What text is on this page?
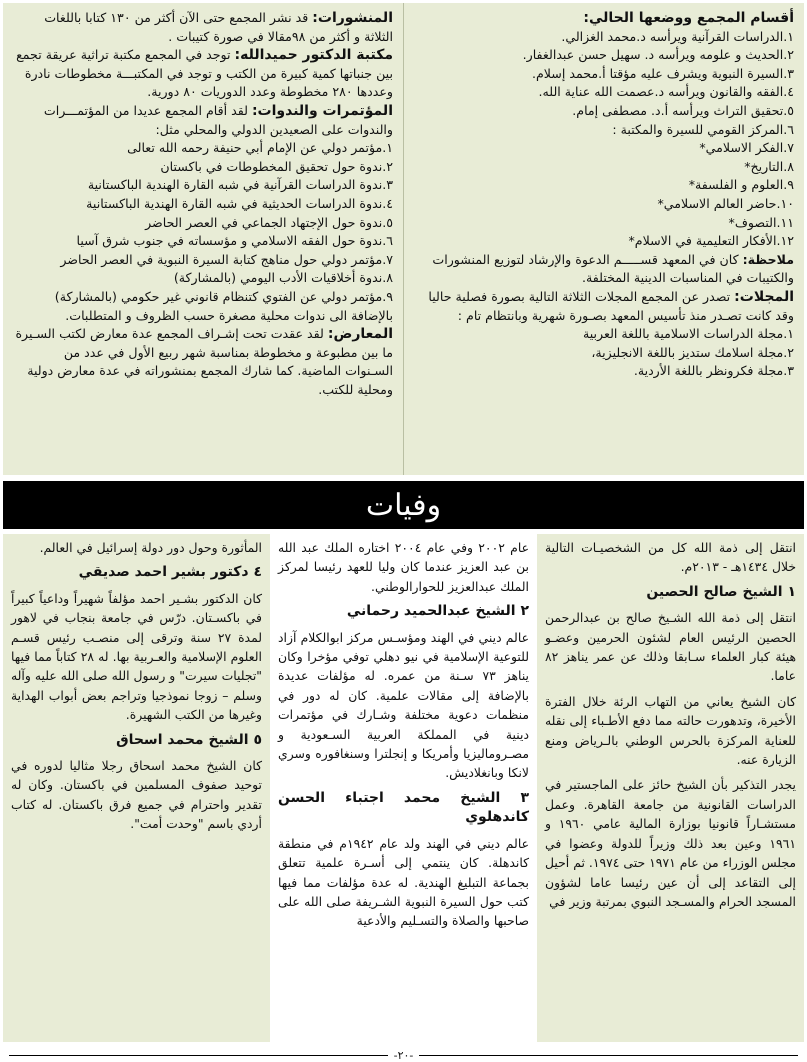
أقسام المجمع ووضعها الحالي:

١.الدراسات القرآنية ويرأسه د.محمد الغزالي.

٢.الحديث و علومه ويرأسه د. سهيل حسن عبدالغفار.

٣.السيرة النبوية ويشرف عليه مؤقتا أ.محمد إسلام.

٤.الفقه والقانون ويرأسه د.عصمت الله عناية الله.

٥.تحقيق التراث ويرأسه أ.د. مصطفى إمام.

٦.المركز القومي للسيرة والمكتبة :

٧.الفكر الاسلامي*

٨.التاريخ*

٩.العلوم و الفلسفة*

١٠.حاضر العالم الاسلامي*

١١.التصوف*

١٢.الأفكار التعليمية في الاسلام*

ملاحظة: كان في المعهد قســـــم الدعوة والإرشاد لتوزيع المنشورات والكتيبات في المناسبات الدينية المختلفة.

المجلات: تصدر عن المجمع المجلات الثلاثة التالية بصورة فصلية حاليا وقد كانت تصـدر منذ تأسيس المعهد بصـورة شهرية وبانتظام تام :

١.مجلة الدراسات الاسلامية باللغة العربية

٢.مجلة اسلامك ستديز باللغة الانجليزية،

٣.مجلة فكرونظر باللغة الأردية.

المنشورات: قد نشر المجمع حتى الآن أكثر من ١٣٠ كتابا باللغات الثلاثة و أكثر من ٩٨مقالا في صورة كتيبات .

مكتبة الدكتور حميدالله: توجد في المجمع مكتبة تراثية عريقة تجمع بين جنباتها كمية كبيرة من الكتب و توجد في المكتبـــة مخطوطات نادرة وعددها ٢٨٠ مخطوطة وعدد الدوريات ٨٠ دورية.

المؤتمرات والندوات: لقد أقام المجمع عديدا من المؤتمـــرات والندوات على الصعيدين الدولي والمحلي مثل:

١.مؤتمر دولي عن الإمام أبي حنيفة رحمه الله تعالى

٢.ندوة حول تحقيق المخطوطات في باكستان

٣.ندوة الدراسات القرآنية في شبه القارة الهندية الباكستانية

٤.ندوة الدراسات الحديثية في شبه القارة الهندية الباكستانية

٥.ندوة حول الإجتهاد الجماعي في العصر الحاضر

٦.ندوة حول الفقه الاسلامي و مؤسساته في جنوب شرق آسيا

٧.مؤتمر دولي حول مناهج كتابة السيرة النبوية في العصر الحاضر

٨.ندوة أخلاقيات الأدب اليومي (بالمشاركة)

٩.مؤتمر دولي عن الفتوي كتنظام قانوني غير حكومي (بالمشاركة)

بالإضافة الى ندوات محلية مصغرة حسب الظروف و المتطلبات.

المعارض: لقد عقدت تحت إشـراف المجمع عدة معارض لكتب السـيرة ما بين مطبوعة و مخطوطة بمناسبة شهر ربيع الأول في عدد من السـنوات الماضية. كما شارك المجمع بمنشوراته في عدة معارض دولية ومحلية للكتب.

وفيات

انتقل إلى ذمة الله كل من الشخصيـات التالية خلال ١٤٣٤هـ - ٢٠١٣م.

١ الشيخ صالح الحصين

انتقل إلى ذمة الله الشـيخ صالح بن عبدالرحمن الحصين الرئيس العام لشئون الحرمين وعضـو هيئة كبار العلماء سـابقا وذلك عن عمر يناهز ٨٢ عاما.

كان الشيخ يعاني من التهاب الرئة خلال الفترة الأخيرة، وتدهورت حالته مما دفع الأطـباء إلى نقله للعناية المركزة بالحرس الوطني بالـرياض ومنع الزيارة عنه.

يجدر التذكير بأن الشيخ حائز على الماجستير في الدراسات القانونية من جامعة القاهرة. وعمل مستشـاراً قانونيا بوزارة المالية عامي ١٩٦٠ و ١٩٦١ وعين بعد ذلك وزيراً للدولة وعضوا في مجلس الوزراء من عام ١٩٧١ حتى ١٩٧٤. ثم أحيل إلى التقاعد إلى أن عين رئيسا عاما لشؤون المسجد الحرام والمسـجد النبوي بمرتبة وزير في

عام ٢٠٠٢ وفي عام ٢٠٠٤ اختاره الملك عبد الله بن عبد العزيز عندما كان وليا للعهد رئيسا لمركز الملك عبدالعزيز للحوارالوطني.

٢ الشيخ عبدالحميد رحماني

عالم ديني في الهند ومؤسـس مركز ابوالكلام آزاد للتوعية الإسلامية في نيو دهلي توفي مؤخرا وكان يناهز ٧٣ سـنة من عمره. له مؤلفات عديدة بالإضافة إلى مقالات علمية. كان له دور في منظمات دعوية مختلفة وشـارك في مؤتمرات دينية في المملكة العربية السـعودية و مصـروماليزيا وأمريكا و إنجلترا وسنغافوره وسري لانكا وبانغلاديش.

٣ الشيخ محمد اجتباء الحسن كاندهلوي

عالم ديني في الهند ولد عام ١٩٤٢م في منطقة كاندهلة. كان ينتمي إلى أسـرة علمية تتعلق بجماعة التبليغ الهندية. له عدة مؤلفات مما فيها كتب حول السيرة النبوية الشـريفة صلى الله على صاحبها والصلاة والتسـليم والأدعية

المأثورة وحول دور دولة إسرائيل في العالم.

٤ دكتور بشير احمد صديقي

كان الدكتور بشـير احمد مؤلفاً شهيراً وداعياً كبيراً في باكسـتان. درّس في جامعة بنجاب في لاهور لمدة ٢٧ سنة وترقى إلى منصـب رئيس قسـم العلوم الإسلامية والعـربية بها. له ٢٨ كتاباً مما فيها "تجليات سيرت" و رسول الله صلى الله عليه وآله وسلم – زوجا نموذجيا وتراجم بعض أبواب الهداية وغيرها من الكتب الشهيرة.

٥ الشيخ محمد اسحاق

كان الشيخ محمد اسحاق رجلا مثاليا لدوره في توحيد صفوف المسلمين في باكستان. وكان له تقدير واحترام في جميع فرق باكستان. له كتاب أردي باسم "وحدت أمت".

-٢٠-
